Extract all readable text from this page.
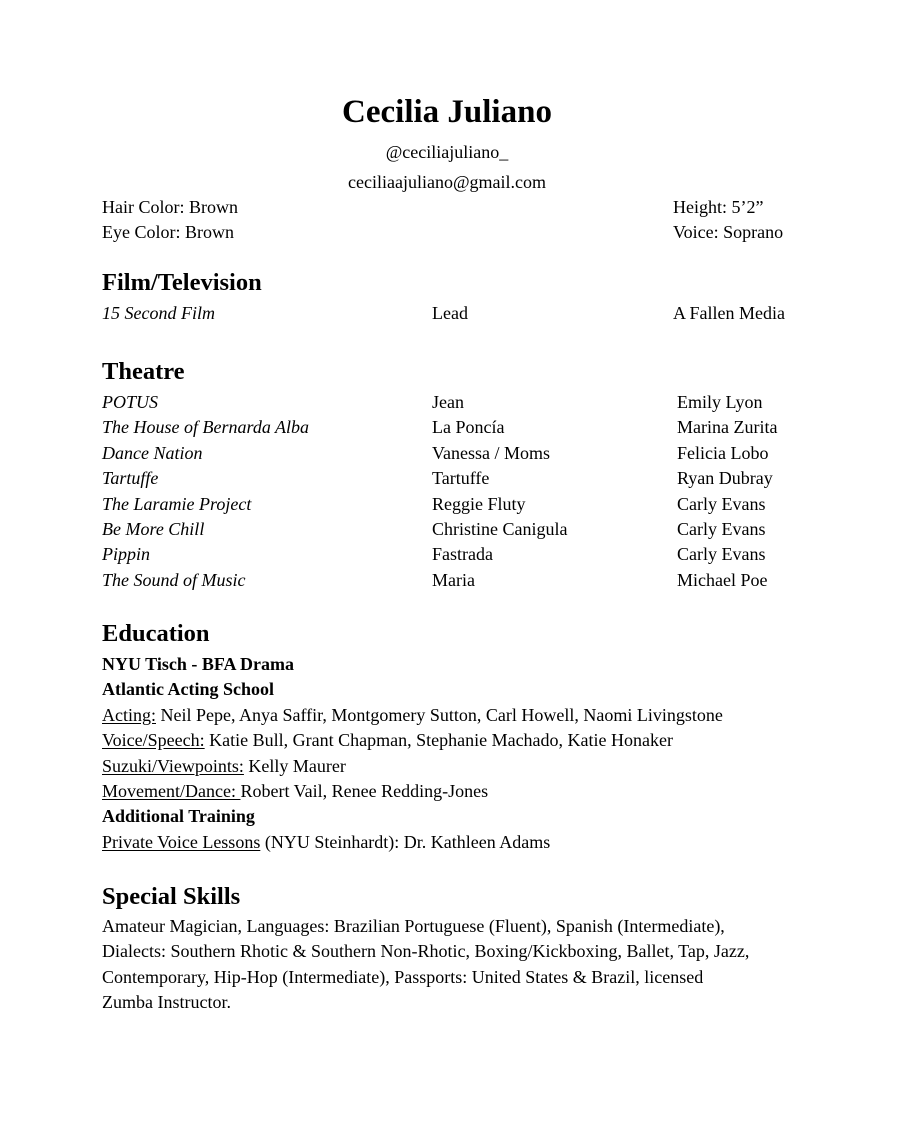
Cecilia Juliano
@ceciliajuliano_
ceciliaajuliano@gmail.com
Hair Color: Brown
Eye Color: Brown
Height: 5’2”
Voice: Soprano
Film/Television
15 Second Film	Lead	A Fallen Media
Theatre
POTUS	Jean	Emily Lyon
The House of Bernarda Alba	La Poncía	Marina Zurita
Dance Nation	Vanessa / Moms	Felicia Lobo
Tartuffe	Tartuffe	Ryan Dubray
The Laramie Project	Reggie Fluty	Carly Evans
Be More Chill	Christine Canigula	Carly Evans
Pippin	Fastrada	Carly Evans
The Sound of Music	Maria	Michael Poe
Education
NYU Tisch - BFA Drama
Atlantic Acting School
Acting: Neil Pepe, Anya Saffir, Montgomery Sutton, Carl Howell, Naomi Livingstone
Voice/Speech: Katie Bull, Grant Chapman, Stephanie Machado, Katie Honaker
Suzuki/Viewpoints: Kelly Maurer
Movement/Dance: Robert Vail, Renee Redding-Jones
Additional Training
Private Voice Lessons (NYU Steinhardt): Dr. Kathleen Adams
Special Skills
Amateur Magician, Languages: Brazilian Portuguese (Fluent), Spanish (Intermediate),
Dialects: Southern Rhotic & Southern Non-Rhotic, Boxing/Kickboxing, Ballet, Tap, Jazz,
Contemporary, Hip-Hop (Intermediate), Passports: United States & Brazil, licensed
Zumba Instructor.
